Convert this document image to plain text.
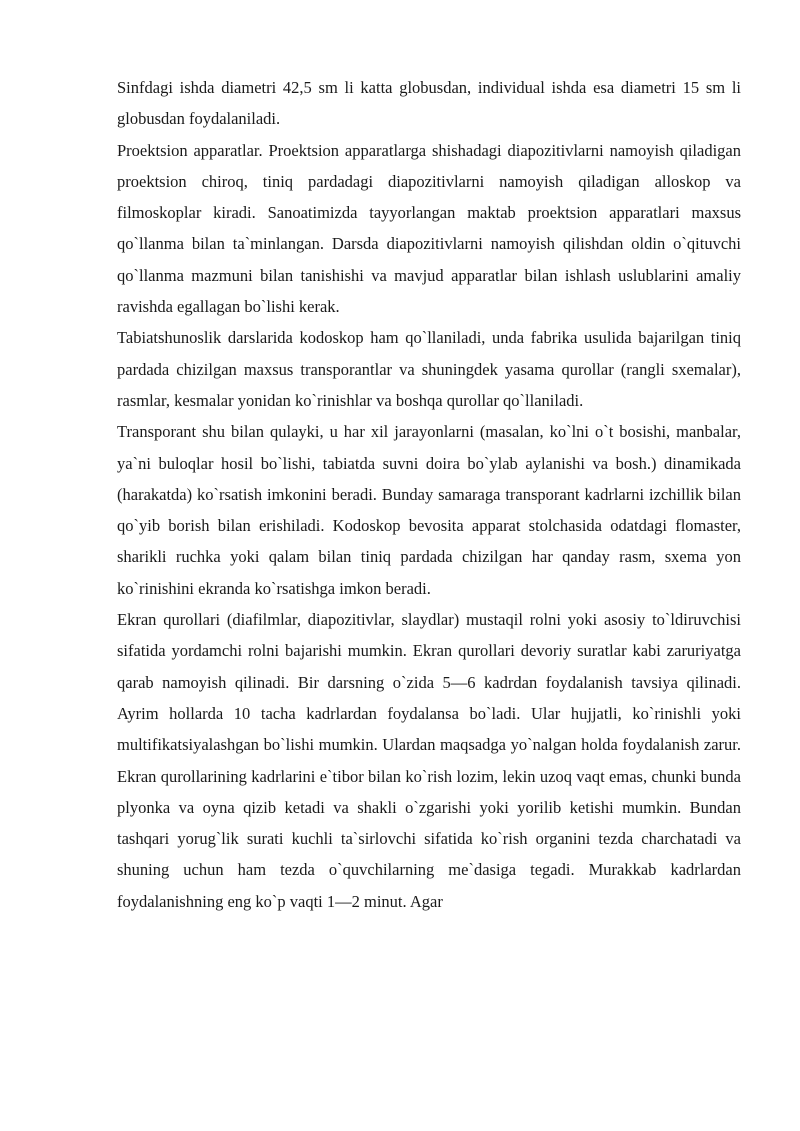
Sinfdagi ishda diametri 42,5 sm li katta globusdan, individual ishda esa diametri 15 sm li globusdan foydalaniladi.

Proektsion apparatlar. Proektsion apparatlarga shishadagi diapozitivlarni namoyish qiladigan proektsion chiroq, tiniq pardadagi diapozitivlarni namoyish qiladigan alloskop va filmoskoplar kiradi. Sanoatimizda tayyorlangan maktab proektsion apparatlari maxsus qo`llanma bilan ta`minlangan. Darsda diapozitivlarni namoyish qilishdan oldin o`qituvchi qo`llanma mazmuni bilan tanishishi va mavjud apparatlar bilan ishlash uslublarini amaliy ravishda egallagan bo`lishi kerak.

Tabiatshunoslik darslarida kodoskop ham qo`llaniladi, unda fabrika usulida bajarilgan tiniq pardada chizilgan maxsus transporantlar va shuningdek yasama qurollar (rangli sxemalar), rasmlar, kesmalar yonidan ko`rinishlar va boshqa qurollar qo`llaniladi.

Transporant shu bilan qulayki, u har xil jarayonlarni (masalan, ko`lni o`t bosishi, manbalar, ya`ni buloqlar hosil bo`lishi, tabiatda suvni doira bo`ylab aylanishi va bosh.) dinamikada (harakatda) ko`rsatish imkonini beradi. Bunday samaraga transporant kadrlarni izchillik bilan qo`yib borish bilan erishiladi. Kodoskop bevosita apparat stolchasida odatdagi flomaster, sharikli ruchka yoki qalam bilan tiniq pardada chizilgan har qanday rasm, sxema yon ko`rinishini ekranda ko`rsatishga imkon beradi.

Ekran qurollari (diafilmlar, diapozitivlar, slaydlar) mustaqil rolni yoki asosiy to`ldiruvchisi sifatida yordamchi rolni bajarishi mumkin. Ekran qurollari devoriy suratlar kabi zaruriyatga qarab namoyish qilinadi. Bir darsning o`zida 5—6 kadrdan foydalanish tavsiya qilinadi. Ayrim hollarda 10 tacha kadrlardan foydalansa bo`ladi. Ular hujjatli, ko`rinishli yoki multifikatsiyalashgan bo`lishi mumkin. Ulardan maqsadga yo`nalgan holda foydalanish zarur. Ekran qurollarining kadrlarini e`tibor bilan ko`rish lozim, lekin uzoq vaqt emas, chunki bunda plyonka va oyna qizib ketadi va shakli o`zgarishi yoki yorilib ketishi mumkin. Bundan tashqari yorug`lik surati kuchli ta`sirlovchi sifatida ko`rish organini tezda charchatadi va shuning uchun ham tezda o`quvchilarning me`dasiga tegadi. Murakkab kadrlardan foydalanishning eng ko`p vaqti 1—2 minut. Agar
